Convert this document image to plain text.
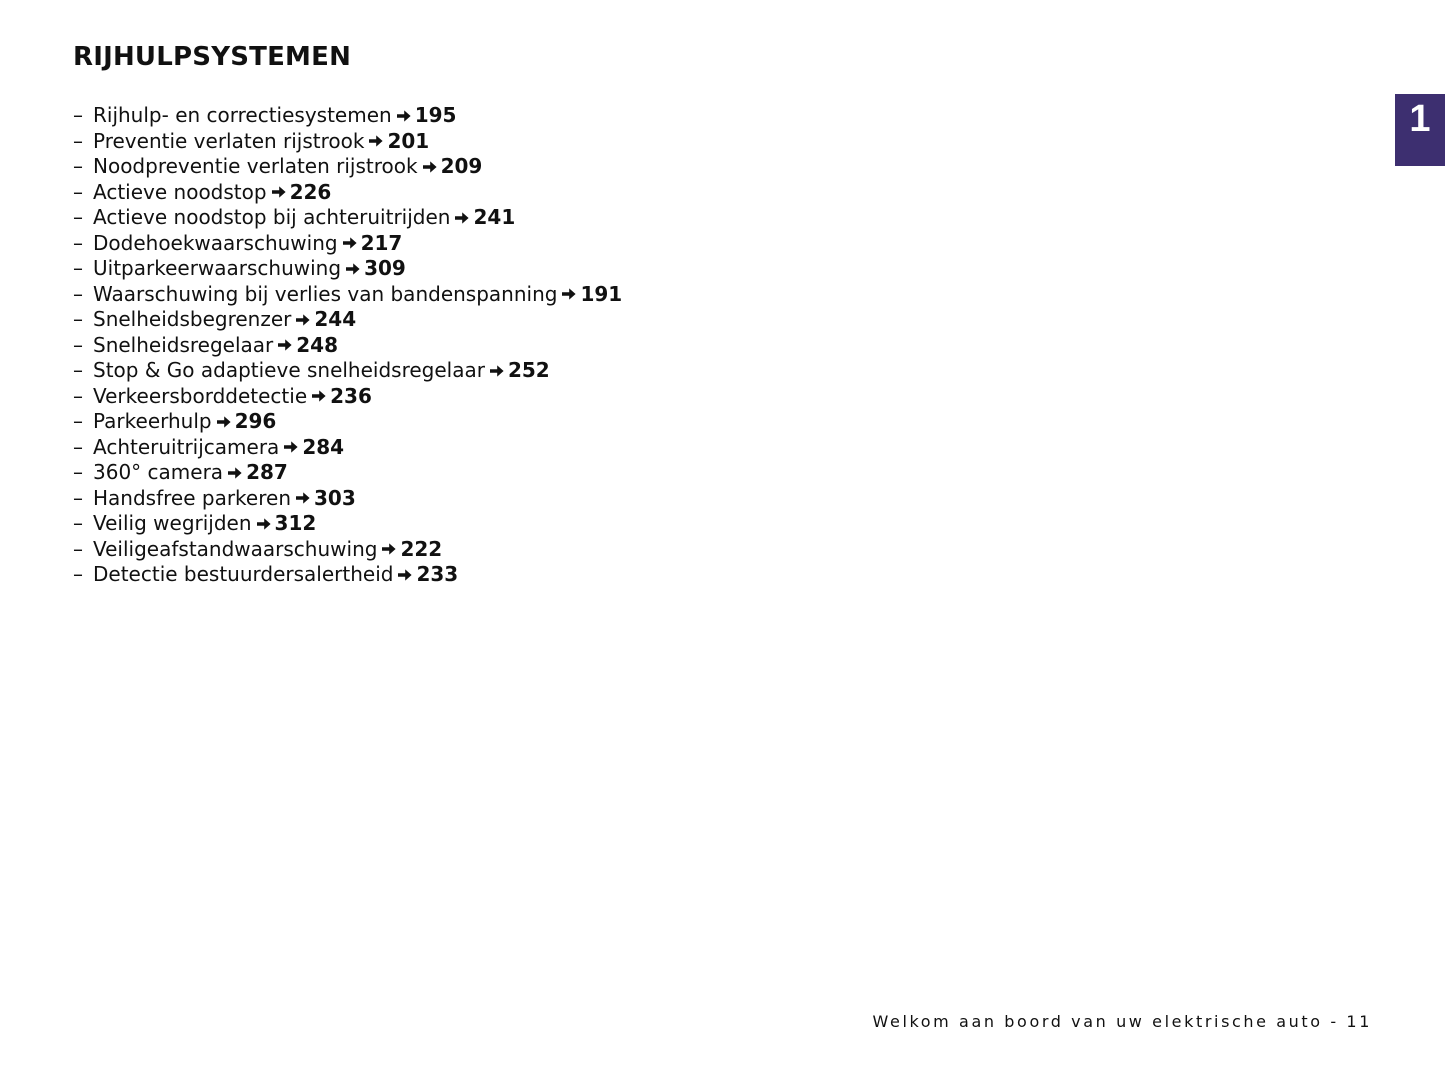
RIJHULPSYSTEMEN
– Rijhulp- en correctiesystemen 195
– Preventie verlaten rijstrook 201
– Noodpreventie verlaten rijstrook 209
– Actieve noodstop 226
– Actieve noodstop bij achteruitrijden 241
– Dodehoekwaarschuwing 217
– Uitparkeerwaarschuwing 309
– Waarschuwing bij verlies van bandenspanning 191
– Snelheidsbegrenzer 244
– Snelheidsregelaar 248
– Stop & Go adaptieve snelheidsregelaar 252
– Verkeersborddetectie 236
– Parkeerhulp 296
– Achteruitrijcamera 284
– 360° camera 287
– Handsfree parkeren 303
– Veilig wegrijden 312
– Veiligeafstandwaarschuwing 222
– Detectie bestuurdersalertheid 233
1
Welkom aan boord van uw elektrische auto - 11
